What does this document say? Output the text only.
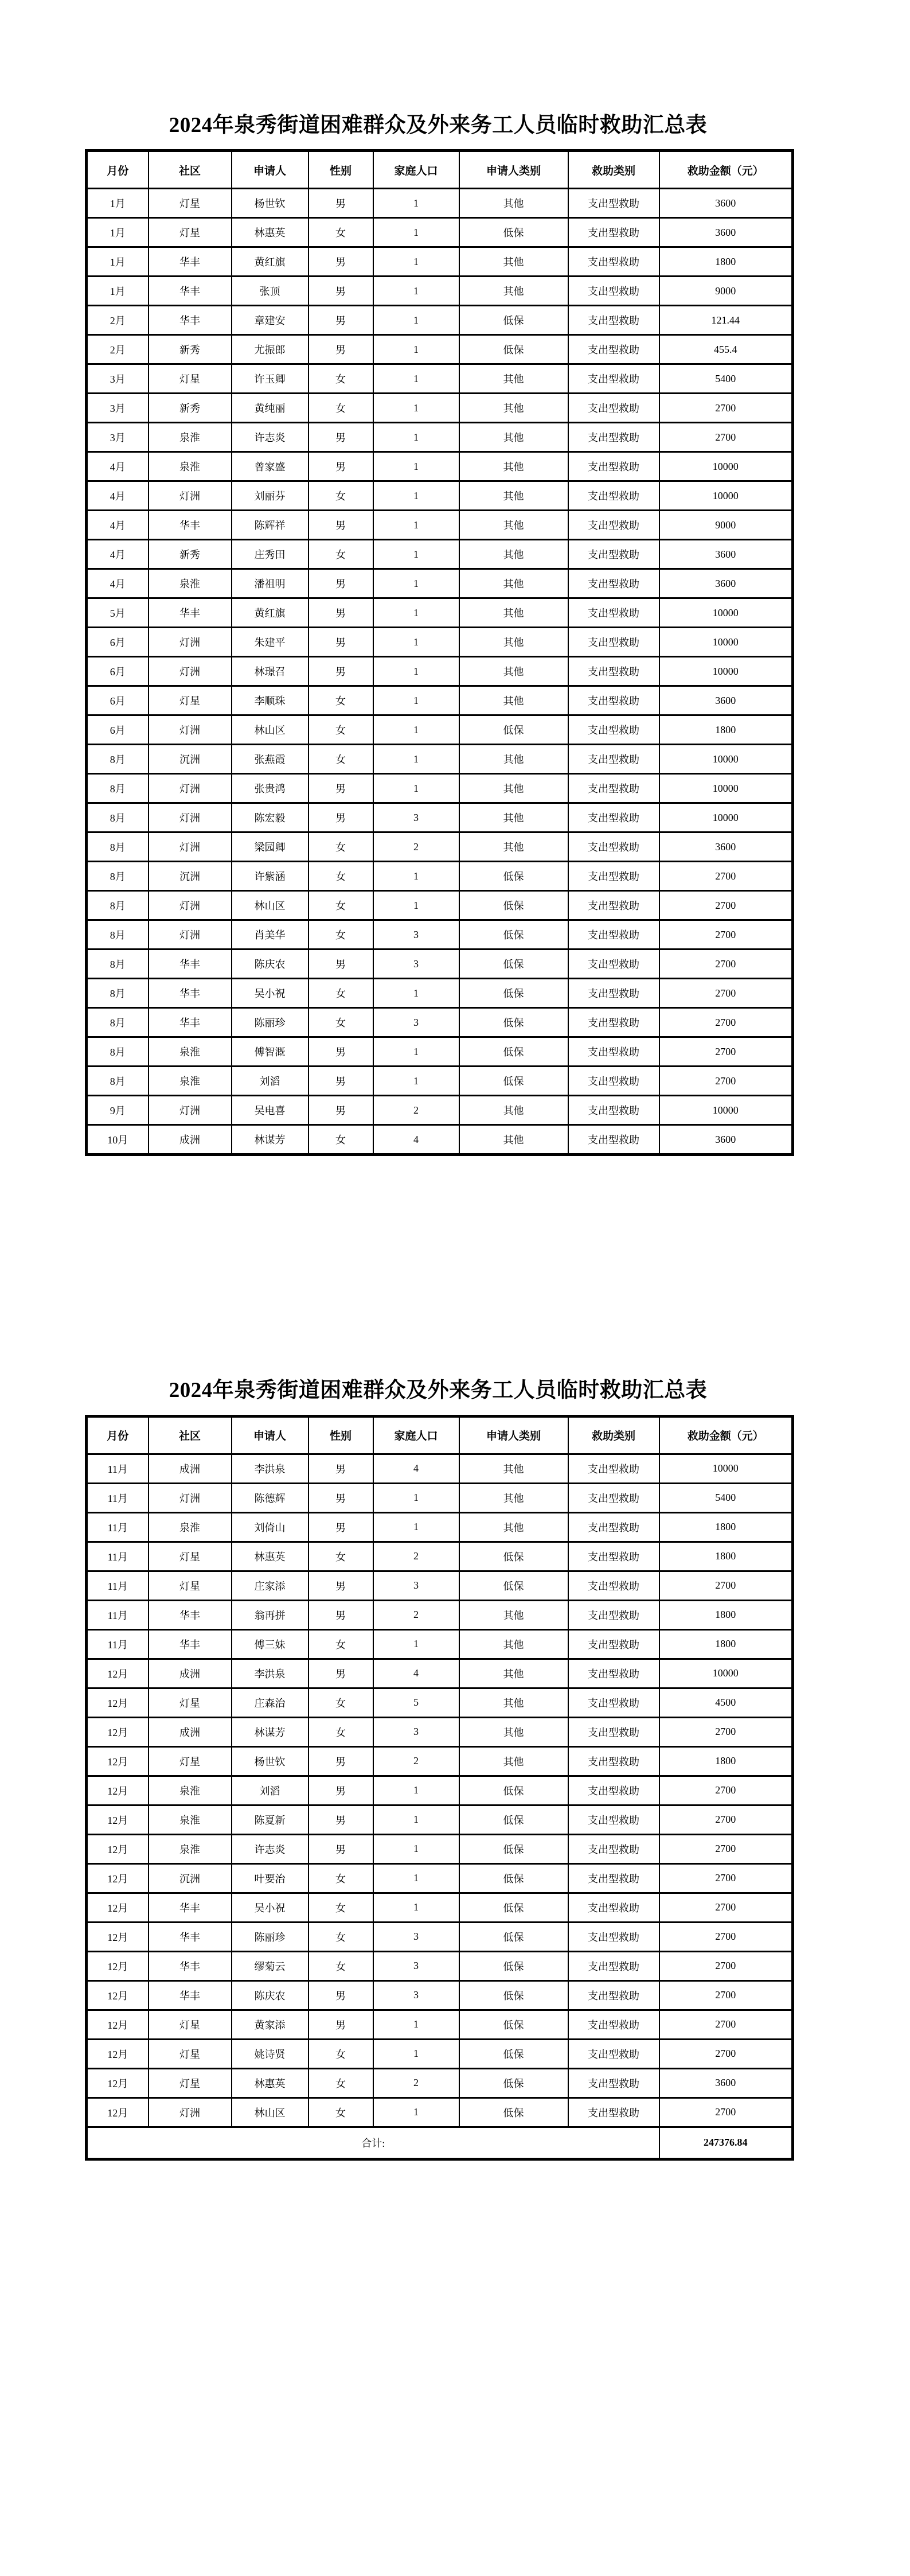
2024年泉秀街道困难群众及外来务工人员临时救助汇总表
月份	社区	申请人	性别	家庭人口	申请人类别	救助类别	救助金额（元）
1月	灯星	杨世钦	男	1	其他	支出型救助	3600
1月	灯星	林惠英	女	1	低保	支出型救助	3600
1月	华丰	黄红旗	男	1	其他	支出型救助	1800
1月	华丰	张顶	男	1	其他	支出型救助	9000
2月	华丰	章建安	男	1	低保	支出型救助	121.44
2月	新秀	尤振郎	男	1	低保	支出型救助	455.4
3月	灯星	许玉卿	女	1	其他	支出型救助	5400
3月	新秀	黄纯丽	女	1	其他	支出型救助	2700
3月	泉淮	许志炎	男	1	其他	支出型救助	2700
4月	泉淮	曾家盛	男	1	其他	支出型救助	10000
4月	灯洲	刘丽芬	女	1	其他	支出型救助	10000
4月	华丰	陈辉祥	男	1	其他	支出型救助	9000
4月	新秀	庄秀田	女	1	其他	支出型救助	3600
4月	泉淮	潘祖明	男	1	其他	支出型救助	3600
5月	华丰	黄红旗	男	1	其他	支出型救助	10000
6月	灯洲	朱建平	男	1	其他	支出型救助	10000
6月	灯洲	林璟召	男	1	其他	支出型救助	10000
6月	灯星	李顺珠	女	1	其他	支出型救助	3600
6月	灯洲	林山区	女	1	低保	支出型救助	1800
8月	沉洲	张燕霞	女	1	其他	支出型救助	10000
8月	灯洲	张贵鸿	男	1	其他	支出型救助	10000
8月	灯洲	陈宏毅	男	3	其他	支出型救助	10000
8月	灯洲	梁园卿	女	2	其他	支出型救助	3600
8月	沉洲	许紫涵	女	1	低保	支出型救助	2700
8月	灯洲	林山区	女	1	低保	支出型救助	2700
8月	灯洲	肖美华	女	3	低保	支出型救助	2700
8月	华丰	陈庆农	男	3	低保	支出型救助	2700
8月	华丰	吴小祝	女	1	低保	支出型救助	2700
8月	华丰	陈丽珍	女	3	低保	支出型救助	2700
8月	泉淮	傅智溉	男	1	低保	支出型救助	2700
8月	泉淮	刘滔	男	1	低保	支出型救助	2700
9月	灯洲	吴电喜	男	2	其他	支出型救助	10000
10月	成洲	林谋芳	女	4	其他	支出型救助	3600
2024年泉秀街道困难群众及外来务工人员临时救助汇总表
月份	社区	申请人	性别	家庭人口	申请人类别	救助类别	救助金额（元）
11月	成洲	李洪泉	男	4	其他	支出型救助	10000
11月	灯洲	陈德辉	男	1	其他	支出型救助	5400
11月	泉淮	刘倚山	男	1	其他	支出型救助	1800
11月	灯星	林惠英	女	2	低保	支出型救助	1800
11月	灯星	庄家添	男	3	低保	支出型救助	2700
11月	华丰	翁再拼	男	2	其他	支出型救助	1800
11月	华丰	傅三妹	女	1	其他	支出型救助	1800
12月	成洲	李洪泉	男	4	其他	支出型救助	10000
12月	灯星	庄森治	女	5	其他	支出型救助	4500
12月	成洲	林谋芳	女	3	其他	支出型救助	2700
12月	灯星	杨世钦	男	2	其他	支出型救助	1800
12月	泉淮	刘滔	男	1	低保	支出型救助	2700
12月	泉淮	陈夏新	男	1	低保	支出型救助	2700
12月	泉淮	许志炎	男	1	低保	支出型救助	2700
12月	沉洲	叶要治	女	1	低保	支出型救助	2700
12月	华丰	吴小祝	女	1	低保	支出型救助	2700
12月	华丰	陈丽珍	女	3	低保	支出型救助	2700
12月	华丰	缪菊云	女	3	低保	支出型救助	2700
12月	华丰	陈庆农	男	3	低保	支出型救助	2700
12月	灯星	黄家添	男	1	低保	支出型救助	2700
12月	灯星	姚诗贤	女	1	低保	支出型救助	2700
12月	灯星	林惠英	女	2	低保	支出型救助	3600
12月	灯洲	林山区	女	1	低保	支出型救助	2700
合计:							247376.84
